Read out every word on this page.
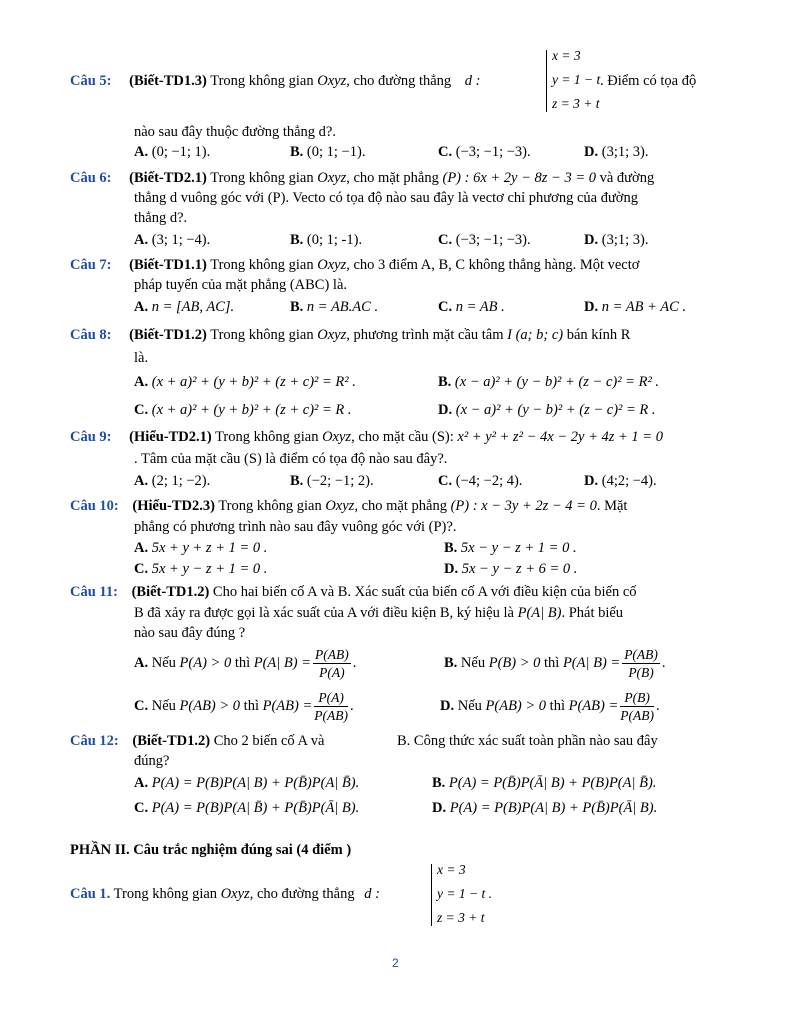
x = 3
y = 1 − t
z = 3 + t
Câu 5: (Biết-TD1.3) Trong không gian Oxyz, cho đường thẳng d :	. Điểm có tọa độ
nào sau đây thuộc đường thẳng d?.
A. (0; −1; 1).	B. (0; 1; −1).	C. (−3; −1; −3).	D. (3;1; 3).
Câu 6: (Biết-TD2.1) Trong không gian Oxyz, cho mặt phẳng (P) : 6x + 2y − 8z − 3 = 0 và đường
thẳng d vuông góc với (P). Vecto có tọa độ nào sau đây là vectơ chỉ phương của đường
thẳng d?.
A. (3; 1; −4).	B. (0; 1; -1).	C. (−3; −1; −3).	D. (3;1; 3).
Câu 7: (Biết-TD1.1) Trong không gian Oxyz, cho 3 điểm A, B, C không thẳng hàng. Một vectơ
pháp tuyến của mặt phẳng (ABC) là.
A. n = [AB, AC].	B. n = AB.AC .	C. n = AB .	D. n = AB + AC .
Câu 8: (Biết-TD1.2) Trong không gian Oxyz, phương trình mặt cầu tâm I (a; b; c) bán kính R
là.
A. (x + a)² + (y + b)² + (z + c)² = R² .	B. (x − a)² + (y − b)² + (z − c)² = R² .
C. (x + a)² + (y + b)² + (z + c)² = R .	D. (x − a)² + (y − b)² + (z − c)² = R .
Câu 9: (Hiểu-TD2.1) Trong không gian Oxyz, cho mặt cầu (S): x² + y² + z² − 4x − 2y + 4z + 1 = 0
. Tâm của mặt cầu (S) là điểm có tọa độ nào sau đây?.
A. (2; 1; −2).	B. (−2; −1; 2).	C. (−4; −2; 4).	D. (4;2; −4).
Câu 10: (Hiểu-TD2.3) Trong không gian Oxyz, cho mặt phẳng (P) : x − 3y + 2z − 4 = 0. Mặt
phẳng có phương trình nào sau đây vuông góc với (P)?.
A. 5x + y + z + 1 = 0 .	B. 5x − y − z + 1 = 0 .
C. 5x + y − z + 1 = 0 .	D. 5x − y − z + 6 = 0 .
Câu 11: (Biết-TD1.2) Cho hai biến cố A và B. Xác suất của biến cố A với điều kiện của biến cố
B đã xảy ra được gọi là xác suất của A với điều kiện B, ký hiệu là P(A| B). Phát biểu
nào sau đây đúng ?
A. Nếu P(A) > 0 thì P(A| $B) = \frac{P(AB)}{P(A)}$ .	B. Nếu P(B) > 0 thì P(A| $B) = \frac{P(AB)}{P(B)}$ .
C. Nếu P(AB) > 0 thì $P(AB) = \frac{P(A)}{P(AB)}$ .	D. Nếu P(AB) > 0 thì $P(AB) = \frac{P(B)}{P(AB)}$ .
Câu 12: (Biết-TD1.2) Cho 2 biến cố A và	B. Công thức xác suất toàn phần nào sau đây
đúng?
A. P(A) = P(B)P(A| B) + P(B̄)P(A| B̄).	B. P(A) = P(B̄)P(Ā| B) + P(B)P(A| B̄).
C. P(A) = P(B)P(A| B̄) + P(B̄)P(Ā| B).	D. P(A) = P(B)P(A| B) + P(B̄)P(Ā| B).
PHẦN II. Câu trắc nghiệm đúng sai (4 điểm )
x = 3
y = 1 − t .
z = 3 + t
Câu 1. Trong không gian Oxyz, cho đường thẳng d :
2
